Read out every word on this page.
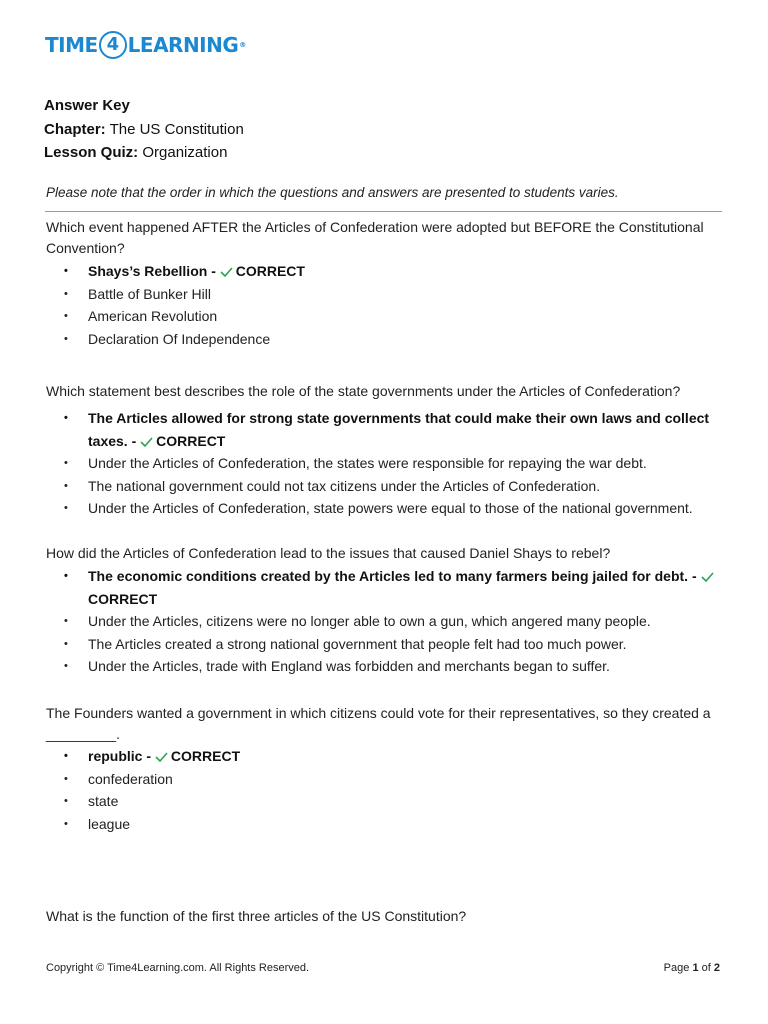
TIME 4 LEARNING ®
Answer Key
Chapter: The US Constitution
Lesson Quiz: Organization
Please note that the order in which the questions and answers are presented to students varies.
Which event happened AFTER the Articles of Confederation were adopted but BEFORE the Constitutional Convention?
• Shays’s Rebellion - CORRECT
• Battle of Bunker Hill
• American Revolution
• Declaration Of Independence
Which statement best describes the role of the state governments under the Articles of Confederation?
• The Articles allowed for strong state governments that could make their own laws and collect taxes. - CORRECT
• Under the Articles of Confederation, the states were responsible for repaying the war debt.
• The national government could not tax citizens under the Articles of Confederation.
• Under the Articles of Confederation, state powers were equal to those of the national government.
How did the Articles of Confederation lead to the issues that caused Daniel Shays to rebel?
• The economic conditions created by the Articles led to many farmers being jailed for debt. - CORRECT
• Under the Articles, citizens were no longer able to own a gun, which angered many people.
• The Articles created a strong national government that people felt had too much power.
• Under the Articles, trade with England was forbidden and merchants began to suffer.
The Founders wanted a government in which citizens could vote for their representatives, so they created a _________.
• republic - CORRECT
• confederation
• state
• league
What is the function of the first three articles of the US Constitution?
Copyright © Time4Learning.com. All Rights Reserved.	Page 1 of 2
